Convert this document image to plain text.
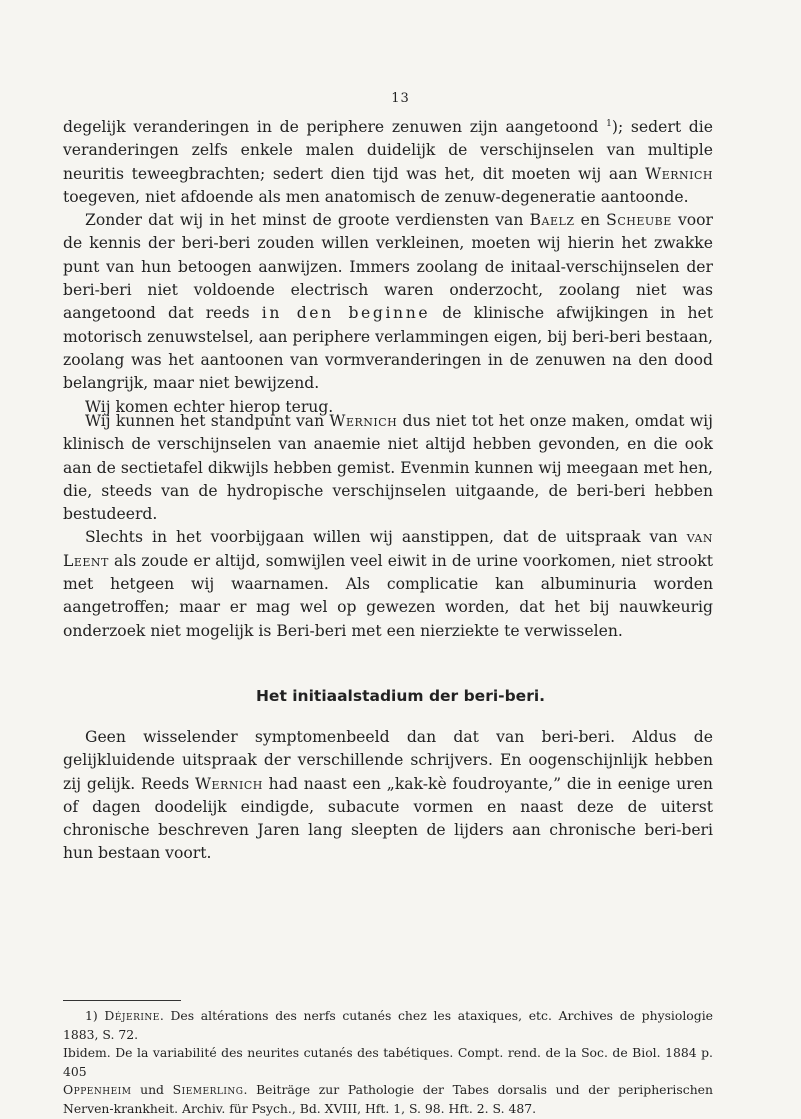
13

degelijk veranderingen in de periphere zenuwen zijn aangetoond $^1$); sedert die veranderingen zelfs enkele malen duidelijk de verschijnselen van multiple neuritis teweegbrachten; sedert dien tijd was het, dit moeten wij aan Wernich toegeven, niet afdoende als men anatomisch de zenuw-degeneratie aantoonde.

Zonder dat wij in het minst de groote verdiensten van Baelz en Scheube voor de kennis der beri-beri zouden willen verkleinen, moeten wij hierin het zwakke punt van hun betoogen aanwijzen. Immers zoolang de initaal-verschijnselen der beri-beri niet voldoende electrisch waren onderzocht, zoolang niet was aangetoond dat reeds in den beginne de klinische afwijkingen in het motorisch zenuwstelsel, aan periphere verlammingen eigen, bij beri-beri bestaan, zoolang was het aantoonen van vormveranderingen in de zenuwen na den dood belangrijk, maar niet bewijzend.

Wij komen echter hierop terug.

Wij kunnen het standpunt van Wernich dus niet tot het onze maken, omdat wij klinisch de verschijnselen van anaemie niet altijd hebben gevonden, en die ook aan de sectietafel dikwijls hebben gemist. Evenmin kunnen wij meegaan met hen, die, steeds van de hydropische verschijnselen uitgaande, de beri-beri hebben bestudeerd.

Slechts in het voorbijgaan willen wij aanstippen, dat de uitspraak van van Leent als zoude er altijd, somwijlen veel eiwit in de urine voorkomen, niet strookt met hetgeen wij waarnamen. Als complicatie kan albuminuria worden aangetroffen; maar er mag wel op gewezen worden, dat het bij nauwkeurig onderzoek niet mogelijk is Beri-beri met een nierziekte te verwisselen.

Het initiaalstadium der beri-beri.

Geen wisselender symptomenbeeld dan dat van beri-beri. Aldus de gelijkluidende uitspraak der verschillende schrijvers. En oogenschijnlijk hebben zij gelijk. Reeds Wernich had naast een „kak-kè foudroyante,” die in eenige uren of dagen doodelijk eindigde, subacute vormen en naast deze de uiterst chronische beschreven Jaren lang sleepten de lijders aan chronische beri-beri hun bestaan voort.

1) Déjerine. Des altérations des nerfs cutanés chez les ataxiques, etc. Archives de physiologie 1883, S. 72.

Ibidem. De la variabilité des neurites cutanés des tabétiques. Compt. rend. de la Soc. de Biol. 1884 p. 405

Oppenheim und Siemerling. Beiträge zur Pathologie der Tabes dorsalis und der peripherischen Nerven-krankheit. Archiv. für Psych., Bd. XVIII, Hft. 1, S. 98. Hft. 2. S. 487.
